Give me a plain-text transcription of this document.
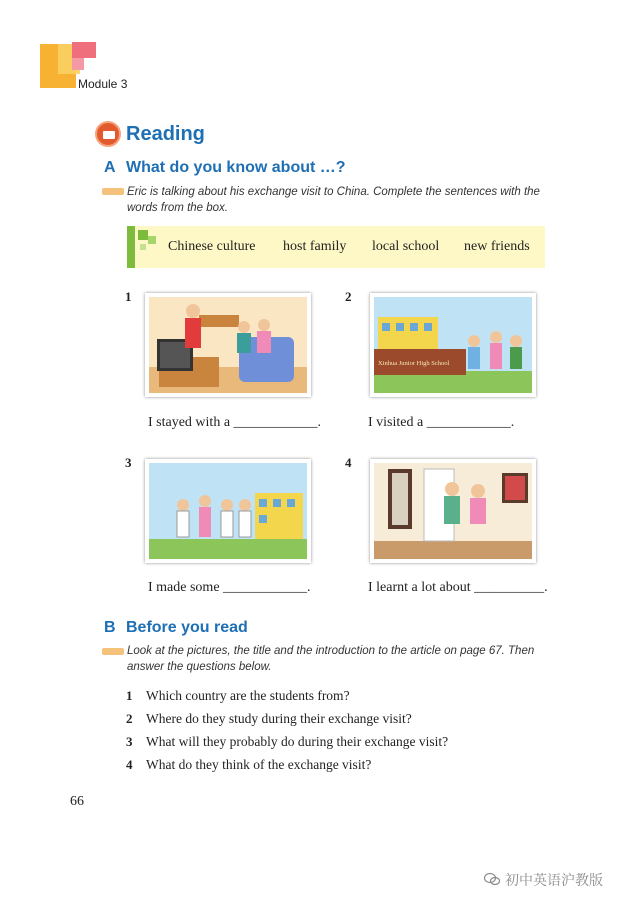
Module 3
Reading
A What do you know about …?
Eric is talking about his exchange visit to China. Complete the sentences with the words from the box.
Chinese culture host family local school new friends
1
I stayed with a ____________.
2
Xinhua Junior High School
I visited a ____________.
3
I made some ____________.
4
I learnt a lot about __________.
B Before you read
Look at the pictures, the title and the introduction to the article on page 67. Then answer the questions below.
1 Which country are the students from?
2 Where do they study during their exchange visit?
3 What will they probably do during their exchange visit?
4 What do they think of the exchange visit?
66
初中英语沪教版
